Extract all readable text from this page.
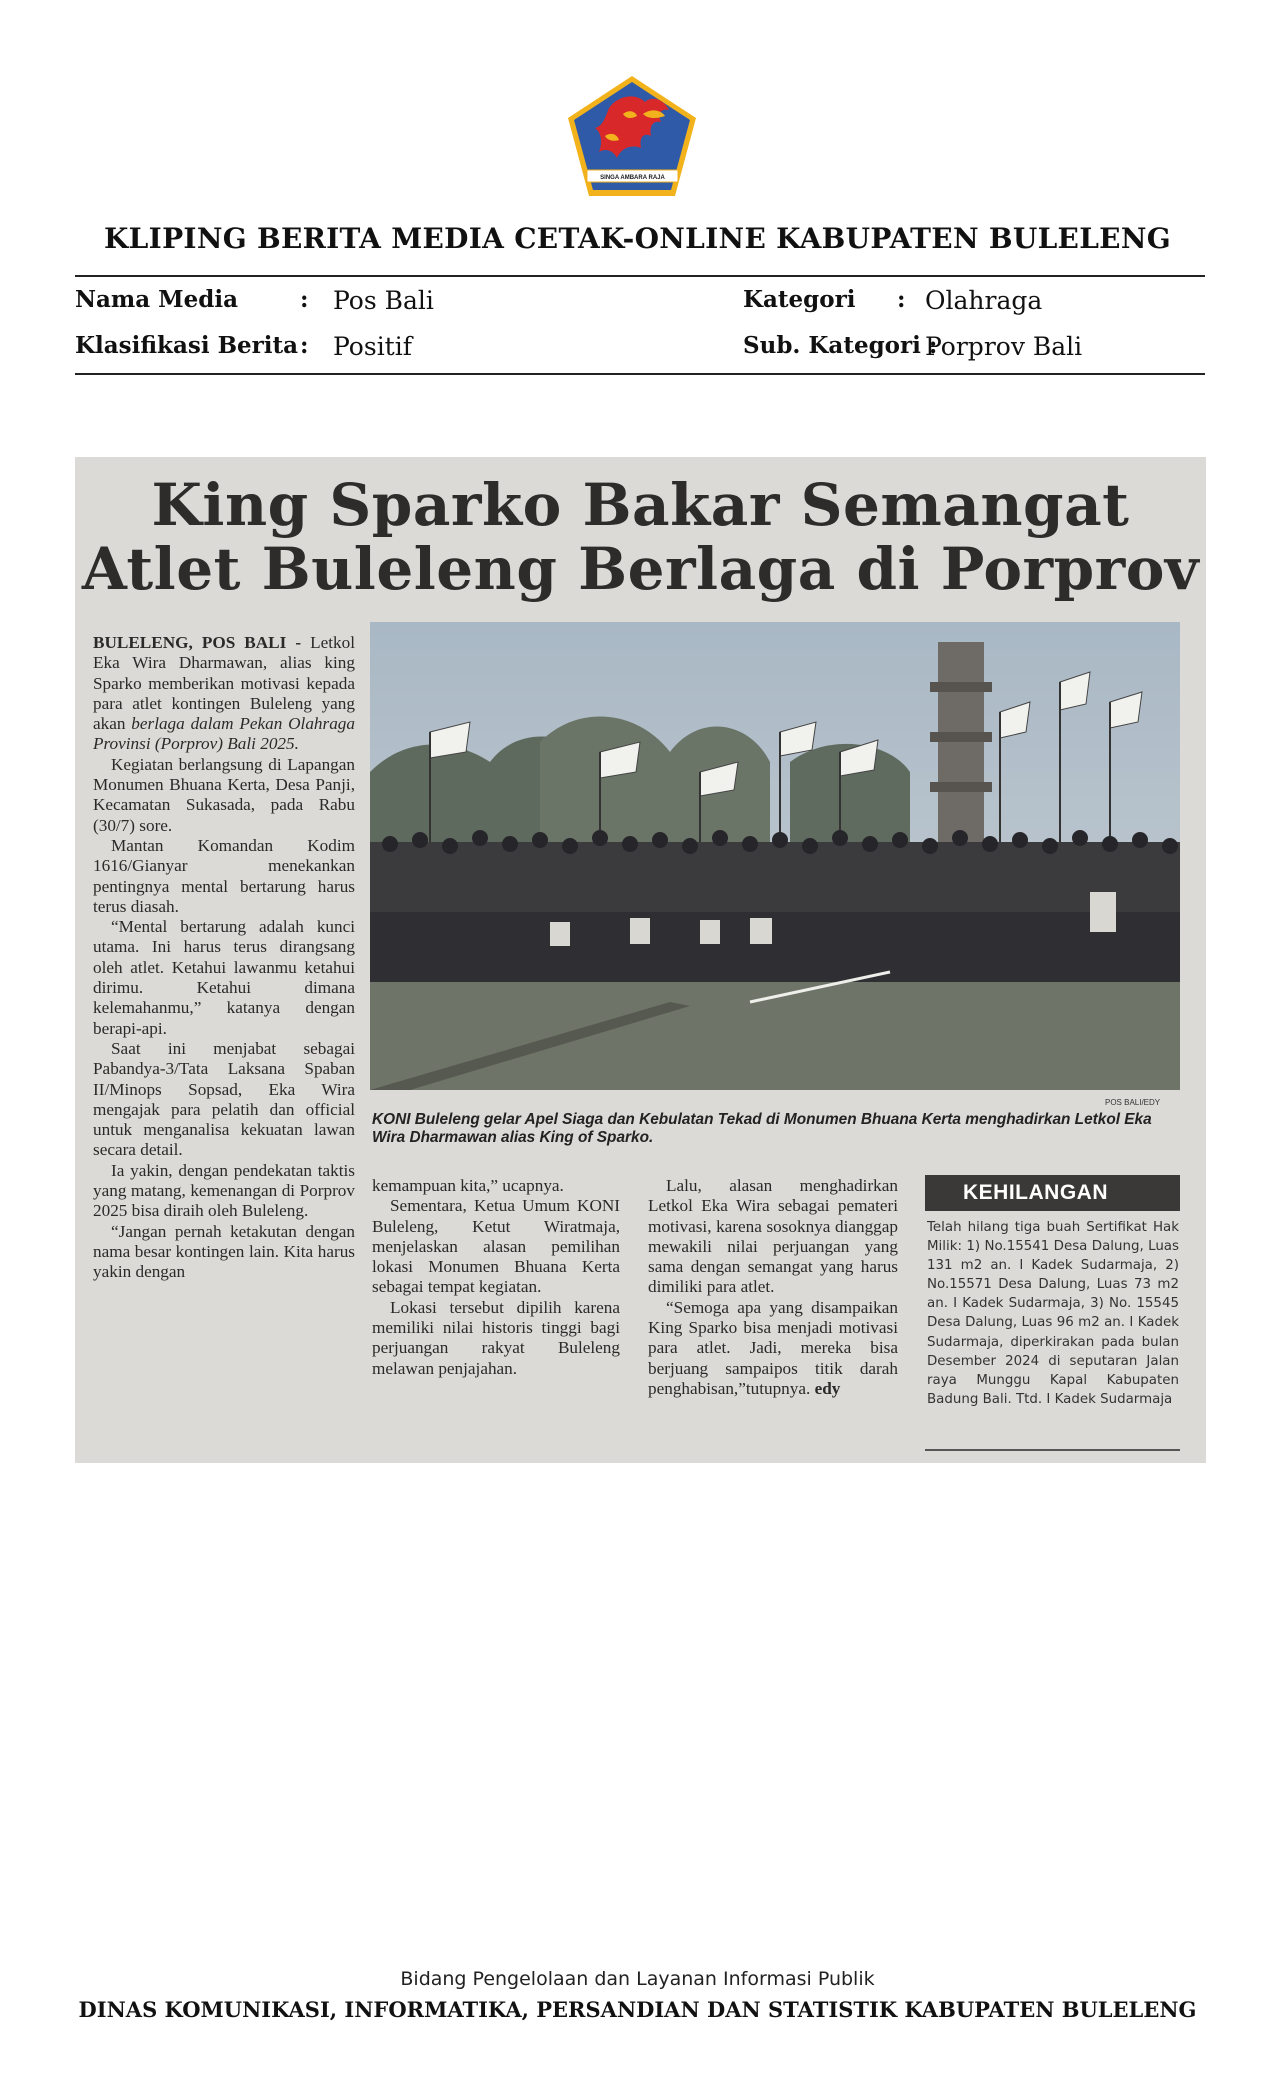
SINGA AMBARA RAJA
KLIPING BERITA MEDIA CETAK-ONLINE KABUPATEN BULELENG
Nama Media	: Pos Bali
Klasifikasi Berita : Positif
Kategori : Olahraga
Sub. Kategori :
Porprov Bali
King Sparko Bakar Semangat
Atlet Buleleng Berlaga di Porprov

BULELENG, POS BALI - Letkol Eka Wira Dharmawan, alias king Sparko memberikan motivasi kepada para atlet kontingen Buleleng yang akan berlaga dalam Pekan Olahraga Provinsi (Porprov) Bali 2025.

Kegiatan berlangsung di Lapangan Monumen Bhuana Kerta, Desa Panji, Kecamatan Sukasada, pada Rabu (30/7) sore.

Mantan Komandan Kodim 1616/Gianyar menekankan pentingnya mental bertarung harus terus diasah.

“Mental bertarung adalah kunci utama. Ini harus terus dirangsang oleh atlet. Ketahui lawanmu ketahui dirimu. Ketahui dimana kelemahanmu,” katanya dengan berapi-api.

Saat ini menjabat sebagai Pabandya-3/Tata Laksana Spaban II/Minops Sopsad, Eka Wira mengajak para pelatih dan official untuk menganalisa kekuatan lawan secara detail.

Ia yakin, dengan pendekatan taktis yang matang, kemenangan di Porprov 2025 bisa diraih oleh Buleleng.

“Jangan pernah ketakutan dengan nama besar kontingen lain. Kita harus yakin dengan

POS BALI/EDY
KONI Buleleng gelar Apel Siaga dan Kebulatan Tekad di Monumen Bhuana Kerta menghadirkan Letkol Eka Wira Dharmawan alias King of Sparko.

kemampuan kita,” ucapnya.

Sementara, Ketua Umum KONI Buleleng, Ketut Wiratmaja, menjelaskan alasan pemilihan lokasi Monumen Bhuana Kerta sebagai tempat kegiatan.

Lokasi tersebut dipilih karena memiliki nilai historis tinggi bagi perjuangan rakyat Buleleng melawan penjajahan.

Lalu, alasan menghadirkan Letkol Eka Wira sebagai pemateri motivasi, karena sosoknya dianggap mewakili nilai perjuangan yang sama dengan semangat yang harus dimiliki para atlet.

“Semoga apa yang disampaikan King Sparko bisa menjadi motivasi para atlet. Jadi, mereka bisa berjuang sampaipos titik darah penghabisan,”tutupnya. edy

KEHILANGAN
Telah hilang tiga buah Sertifikat Hak Milik: 1) No.15541 Desa Dalung, Luas 131 m2 an. I Kadek Sudarmaja, 2) No.15571 Desa Dalung, Luas 73 m2 an. I Kadek Sudarmaja, 3) No. 15545 Desa Dalung, Luas 96 m2 an. I Kadek Sudarmaja, diperkirakan pada bulan Desember 2024 di seputaran Jalan raya Munggu Kapal Kabupaten Badung Bali. Ttd. I Kadek Sudarmaja
Bidang Pengelolaan dan Layanan Informasi Publik
DINAS KOMUNIKASI, INFORMATIKA, PERSANDIAN DAN STATISTIK KABUPATEN BULELENG
